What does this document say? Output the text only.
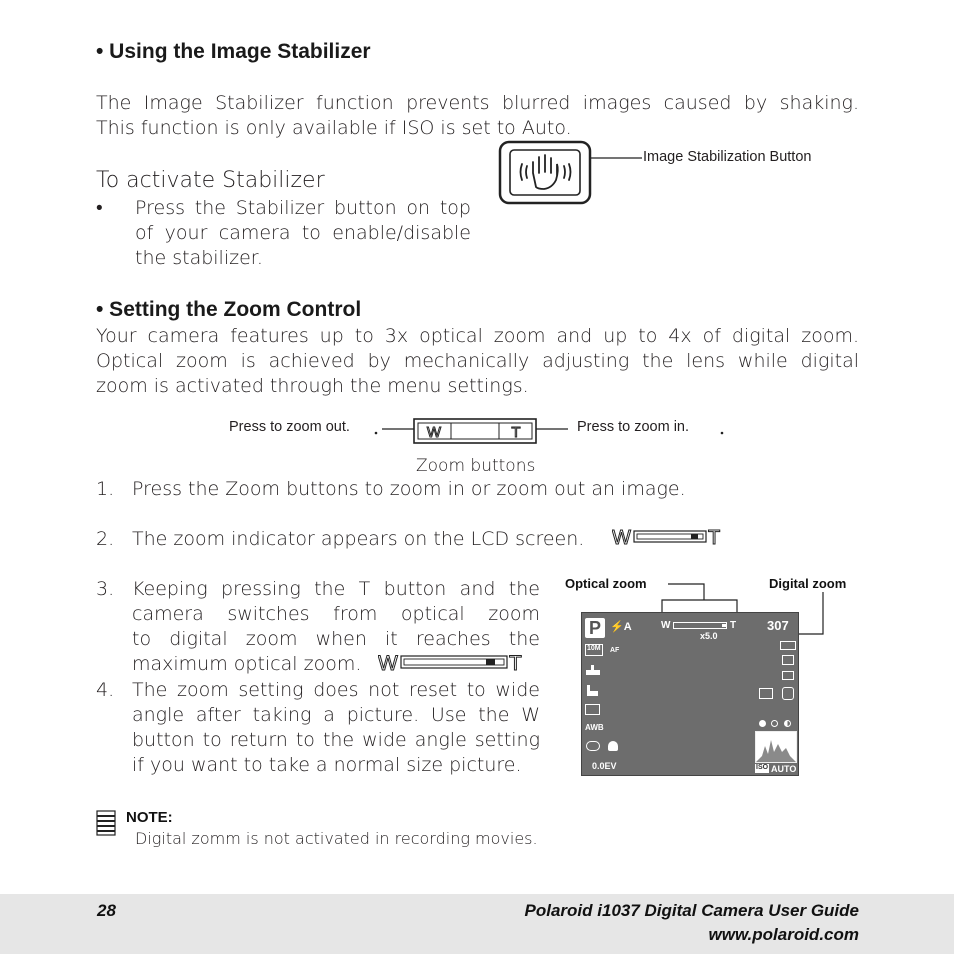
• Using the Image Stabilizer
The Image Stabilizer function prevents blurred images caused by shaking.
This function is only available if ISO is set to Auto.
To activate Stabilizer
• Press the Stabilizer button on top
of your camera to enable/disable
the stabilizer.
Image Stabilization Button
• Setting the Zoom Control
Your camera features up to 3x optical zoom and up to 4x of digital zoom.
Optical zoom is achieved by mechanically adjusting the lens while digital
zoom is activated through the menu settings.
Press to zoom out.	W	T	Press to zoom in.
Zoom buttons
1. Press the Zoom buttons to zoom in or zoom out an image.
2. The zoom indicator appears on the LCD screen. W	T
3. Keeping pressing the T button and the
camera switches from optical zoom
to digital zoom when it reaches the
maximum optical zoom. W	T
4. The zoom setting does not reset to wide
angle after taking a picture. Use the W
button to return to the wide angle setting
if you want to take a normal size picture.
Optical zoom	Digital zoom
P ⚡A	W	T
x5.0
307
10M AF
AWB
0.0EV	ISO AUTO
NOTE:
Digital zomm is not activated in recording movies.
28	Polaroid i1037 Digital Camera User Guide
www.polaroid.com
